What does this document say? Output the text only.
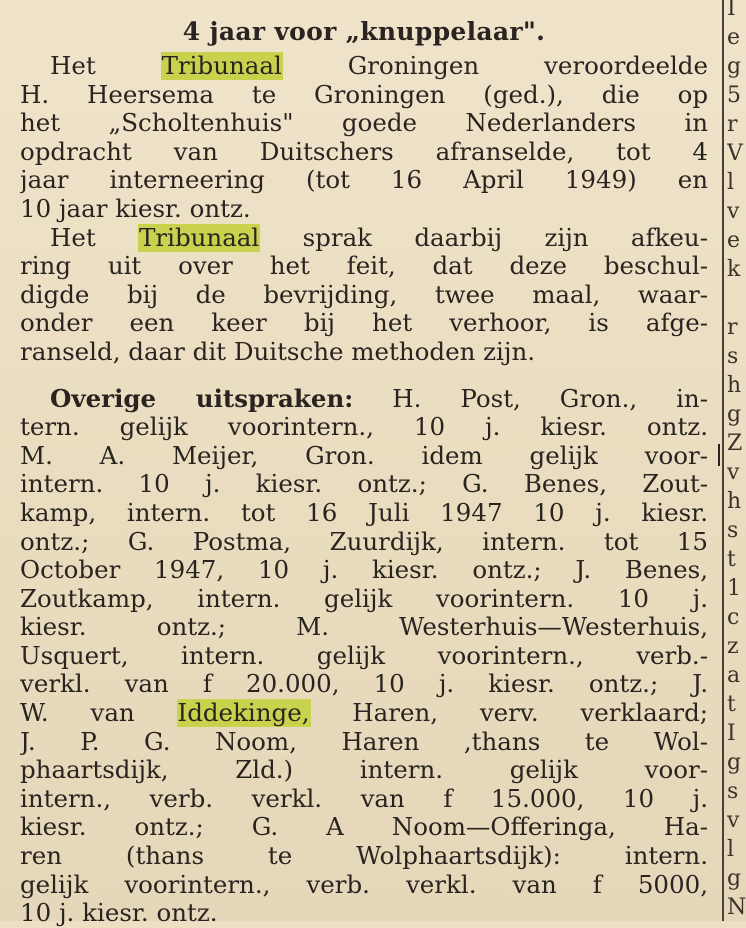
4 jaar voor „knuppelaar".
Het Tribunaal Groningen veroordeelde
H. Heersema te Groningen (ged.), die op
het „Scholtenhuis" goede Nederlanders in
opdracht van Duitschers afranselde, tot 4
jaar interneering (tot 16 April 1949) en
10 jaar kiesr. ontz.
Het Tribunaal sprak daarbij zijn afkeu-
ring uit over het feit, dat deze beschul-
digde bij de bevrijding, twee maal, waar-
onder een keer bij het verhoor, is afge-
ranseld, daar dit Duitsche methoden zijn.
Overige uitspraken: H. Post, Gron., in-
tern. gelijk voorintern., 10 j. kiesr. ontz.
M. A. Meijer, Gron. idem gelijk voor-
intern. 10 j. kiesr. ontz.; G. Benes, Zout-
kamp, intern. tot 16 Juli 1947 10 j. kiesr.
ontz.; G. Postma, Zuurdijk, intern. tot 15
October 1947, 10 j. kiesr. ontz.; J. Benes,
Zoutkamp, intern. gelijk voorintern. 10 j.
kiesr. ontz.; M. Westerhuis—Westerhuis,
Usquert, intern. gelijk voorintern., verb.-
verkl. van f 20.000, 10 j. kiesr. ontz.; J.
W. van Iddekinge, Haren, verv. verklaard;
J. P. G. Noom, Haren ,thans te Wol-
phaartsdijk, Zld.) intern. gelijk voor-
intern., verb. verkl. van f 15.000, 10 j.
kiesr. ontz.; G. A Noom—Offeringa, Ha-
ren (thans te Wolphaartsdijk): intern.
gelijk voorintern., verb. verkl. van f 5000,
10 j. kiesr. ontz.
I
e
g
5
r
V
l
v
e
k

r
s
h
g
Z
v
h
s
t
1
c
z
a
t
I
g
s
v
l
g
N
